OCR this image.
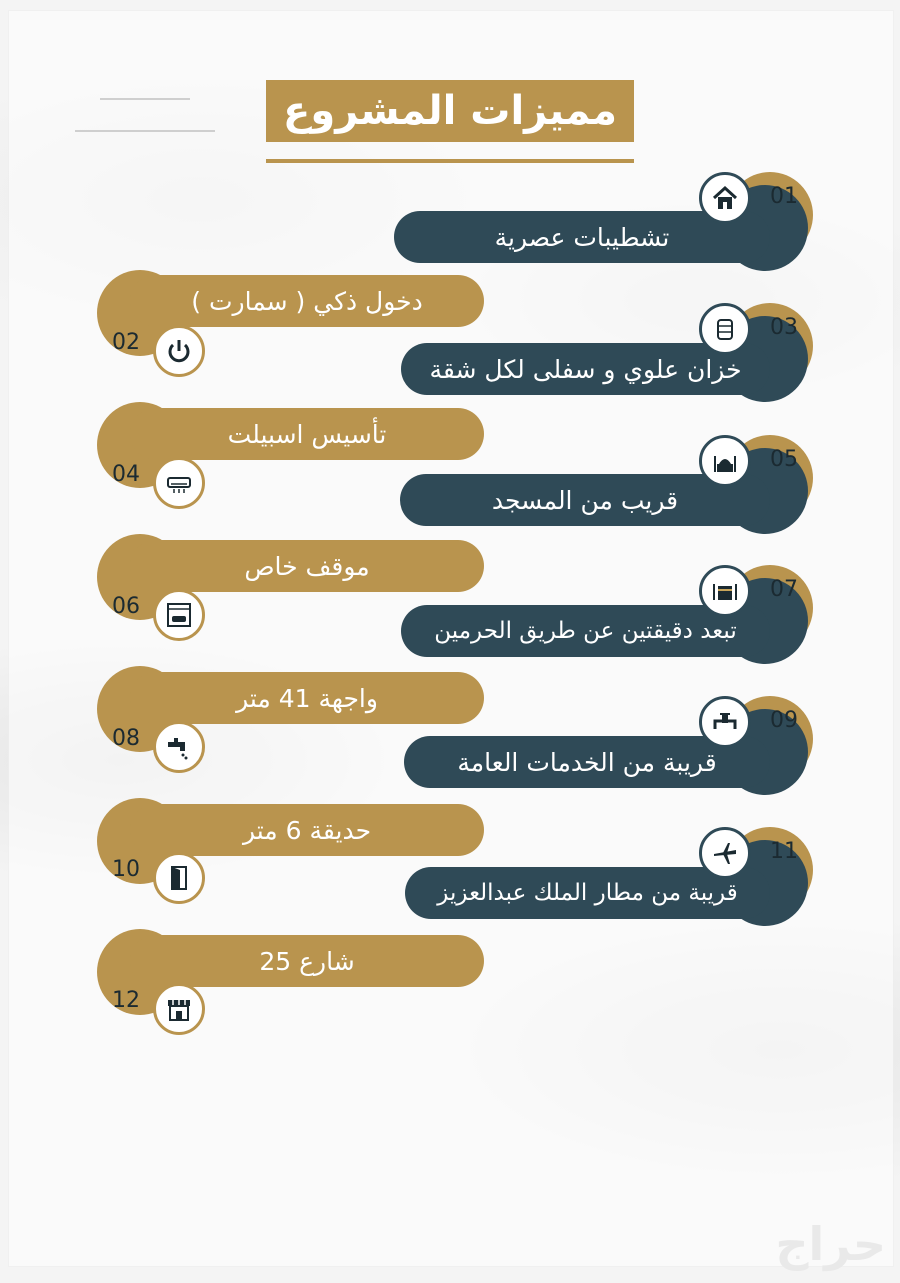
مميزات المشروع
تشطيبات عصرية
01
خزان علوي و سفلى لكل شقة
03
قريب من المسجد
05
تبعد دقيقتين عن طريق الحرمين
07
قريبة من الخدمات العامة
09
قريبة من مطار الملك عبدالعزيز
11
دخول ذكي ( سمارت )
02
تأسيس اسبيلت
04
موقف خاص
06
واجهة 41 متر
08
حديقة 6 متر
10
شارع 25
12
حراج
